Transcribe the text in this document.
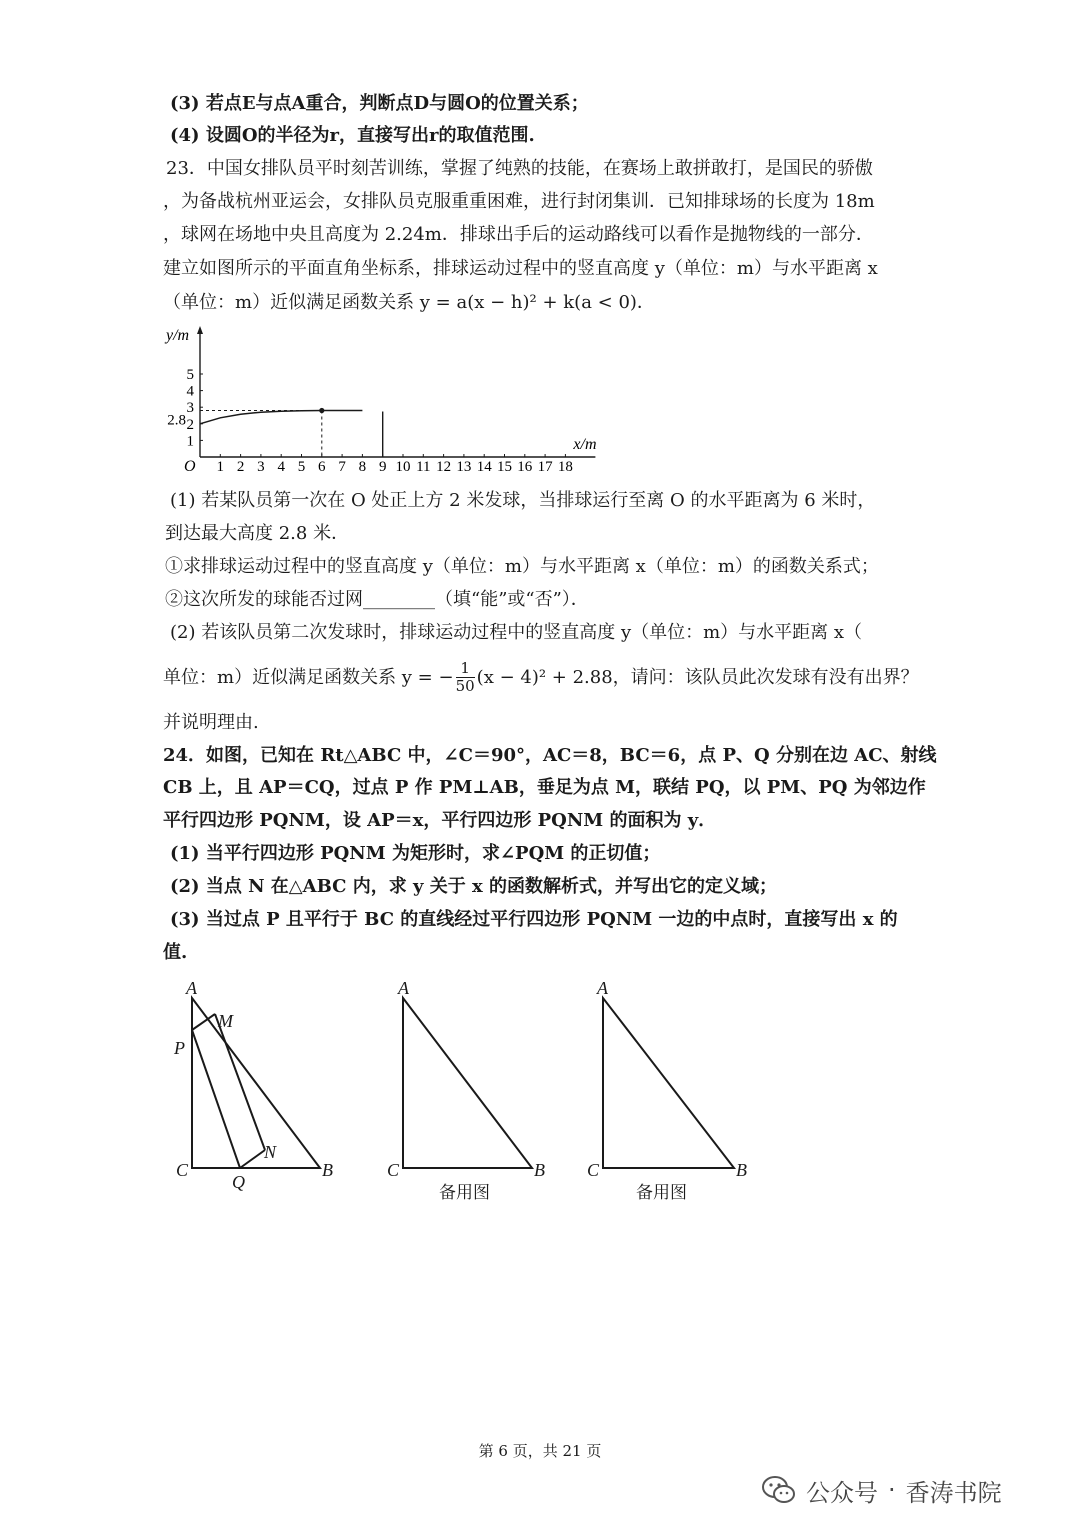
(3) 若点E与点A重合，判断点D与圆O的位置关系；
(4) 设圆O的半径为r，直接写出r的取值范围.
23．中国女排队员平时刻苦训练，掌握了纯熟的技能，在赛场上敢拼敢打，是国民的骄傲
，为备战杭州亚运会，女排队员克服重重困难，进行封闭集训．已知排球场的长度为 18m
，球网在场地中央且高度为 2.24m．排球出手后的运动路线可以看作是抛物线的一部分．
建立如图所示的平面直角坐标系，排球运动过程中的竖直高度 y（单位：m）与水平距离 x
（单位：m）近似满足函数关系 y = a(x − h)² + k(a < 0)．
y/m
x/m
O 1 2 3 4 5 6 7 8 9 10 11 12 13 14 15 16 17 18
1
2
3
4
5
2.8
(1) 若某队员第一次在 O 处正上方 2 米发球，当排球运行至离 O 的水平距离为 6 米时，
到达最大高度 2.8 米．
①求排球运动过程中的竖直高度 y（单位：m）与水平距离 x（单位：m）的函数关系式；
②这次所发的球能否过网________（填“能”或“否”）．
(2) 若该队员第二次发球时，排球运动过程中的竖直高度 y（单位：m）与水平距离 x（
单位：m）近似满足函数关系 y = − $\frac{1}{50} (x - 4)^2 + 2.88$，请问：该队员此次发球有没有出界？
并说明理由.
24．如图，已知在 Rt△ABC 中，∠C＝90°，AC＝8，BC＝6，点 P、Q 分别在边 AC、射线
CB 上，且 AP＝CQ，过点 P 作 PM⊥AB，垂足为点 M，联结 PQ，以 PM、PQ 为邻边作
平行四边形 PQNM，设 AP＝x，平行四边形 PQNM 的面积为 y．
(1) 当平行四边形 PQNM 为矩形时，求∠PQM 的正切值；
(2) 当点 N 在△ABC 内，求 y 关于 x 的函数解析式，并写出它的定义域；
(3) 当过点 P 且平行于 BC 的直线经过平行四边形 PQNM 一边的中点时，直接写出 x 的
值.
A
M
P
N
C
Q
B
A
C	B
A
C	B
备用图	备用图
第 6 页，共 21 页
公众号 · 香涛书院
